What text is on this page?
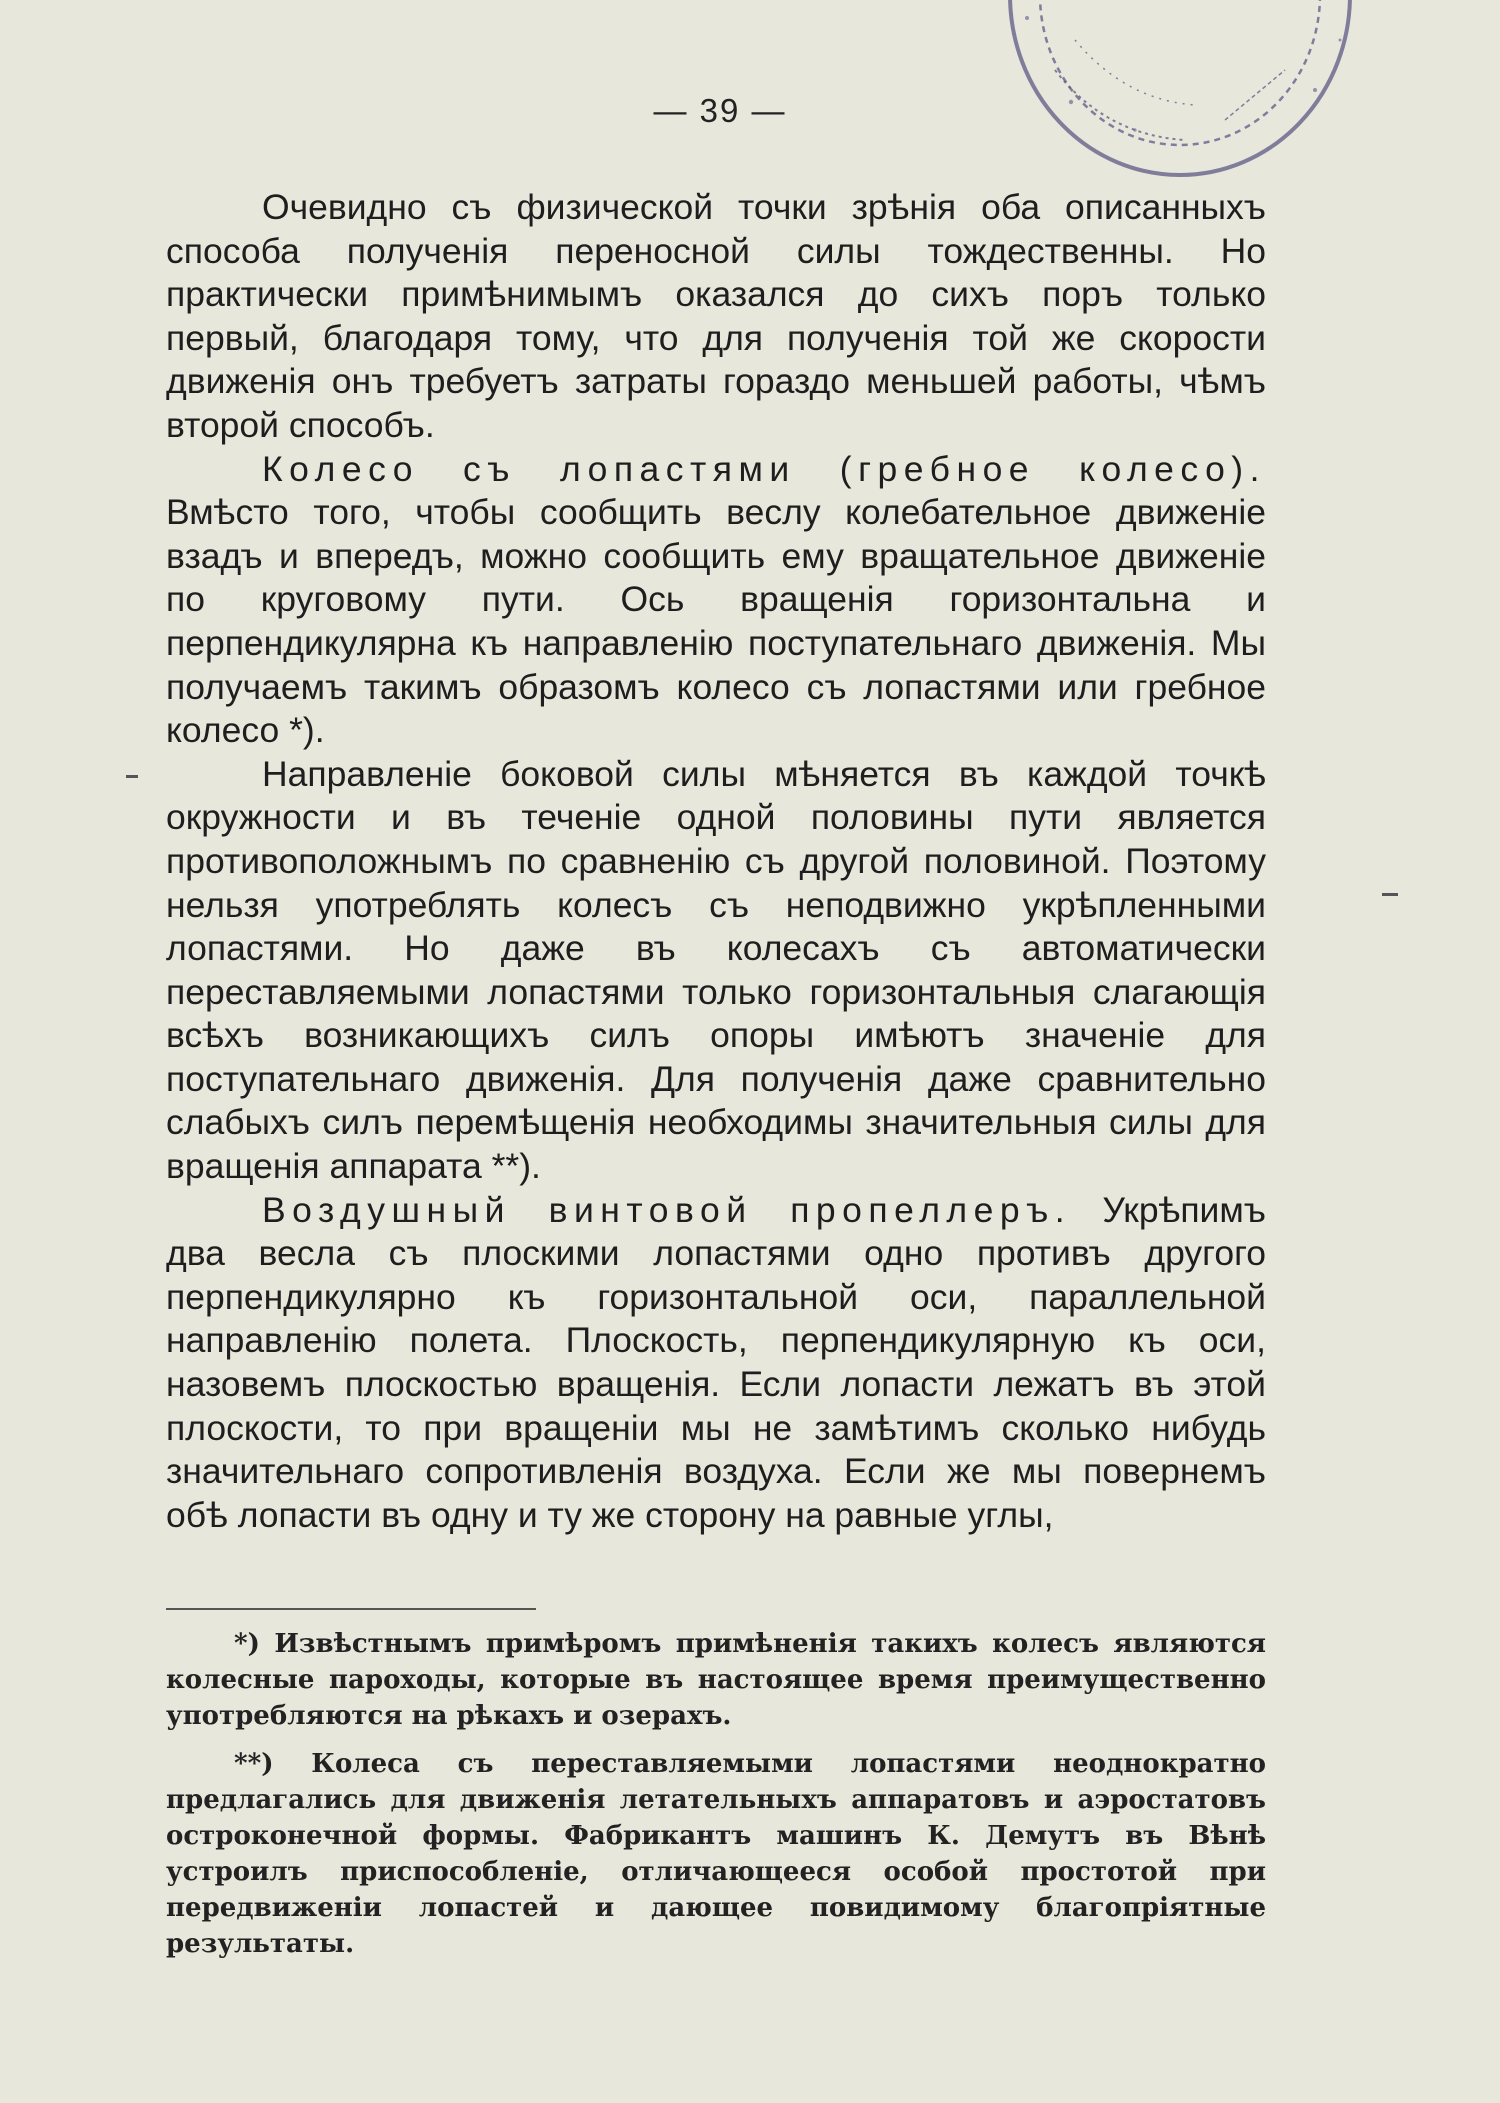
— 39 —

Очевидно съ физической точки зрѣнія оба описанныхъ способа полученія переносной силы тождественны. Но практически примѣнимымъ оказался до сихъ поръ только первый, благодаря тому, что для полученія той же скорости движенія онъ требуетъ затраты гораздо меньшей работы, чѣмъ второй способъ.

Колесо съ лопастями (гребное колесо). Вмѣсто того, чтобы сообщить веслу колебательное движеніе взадъ и впередъ, можно сообщить ему вращательное движеніе по круговому пути. Ось вращенія горизонтальна и перпендикулярна къ направленію поступательнаго движенія. Мы получаемъ такимъ образомъ колесо съ лопастями или гребное колесо *).

Направленіе боковой силы мѣняется въ каждой точкѣ окружности и въ теченіе одной половины пути является противоположнымъ по сравненію съ другой половиной. Поэтому нельзя употреблять колесъ съ неподвижно укрѣпленными лопастями. Но даже въ колесахъ съ автоматически переставляемыми лопастями только горизонтальныя слагающія всѣхъ возникающихъ силъ опоры имѣютъ значеніе для поступательнаго движенія. Для полученія даже сравнительно слабыхъ силъ перемѣщенія необходимы значительныя силы для вращенія аппарата **).

Воздушный винтовой пропеллеръ. Укрѣпимъ два весла съ плоскими лопастями одно противъ другого перпендикулярно къ горизонтальной оси, параллельной направленію полета. Плоскость, перпендикулярную къ оси, назовемъ плоскостью вращенія. Если лопасти лежатъ въ этой плоскости, то при вращеніи мы не замѣтимъ сколько нибудь значительнаго сопротивленія воздуха. Если же мы повернемъ обѣ лопасти въ одну и ту же сторону на равные углы,

*) Извѣстнымъ примѣромъ примѣненія такихъ колесъ являются колесные пароходы, которые въ настоящее время преимущественно употребляются на рѣкахъ и озерахъ.

**) Колеса съ переставляемыми лопастями неоднократно предлагались для движенія летательныхъ аппаратовъ и аэростатовъ остроконечной формы. Фабрикантъ машинъ К. Демутъ въ Вѣнѣ устроилъ приспособленіе, отличающееся особой простотой при передвиженіи лопастей и дающее повидимому благопріятные результаты.
